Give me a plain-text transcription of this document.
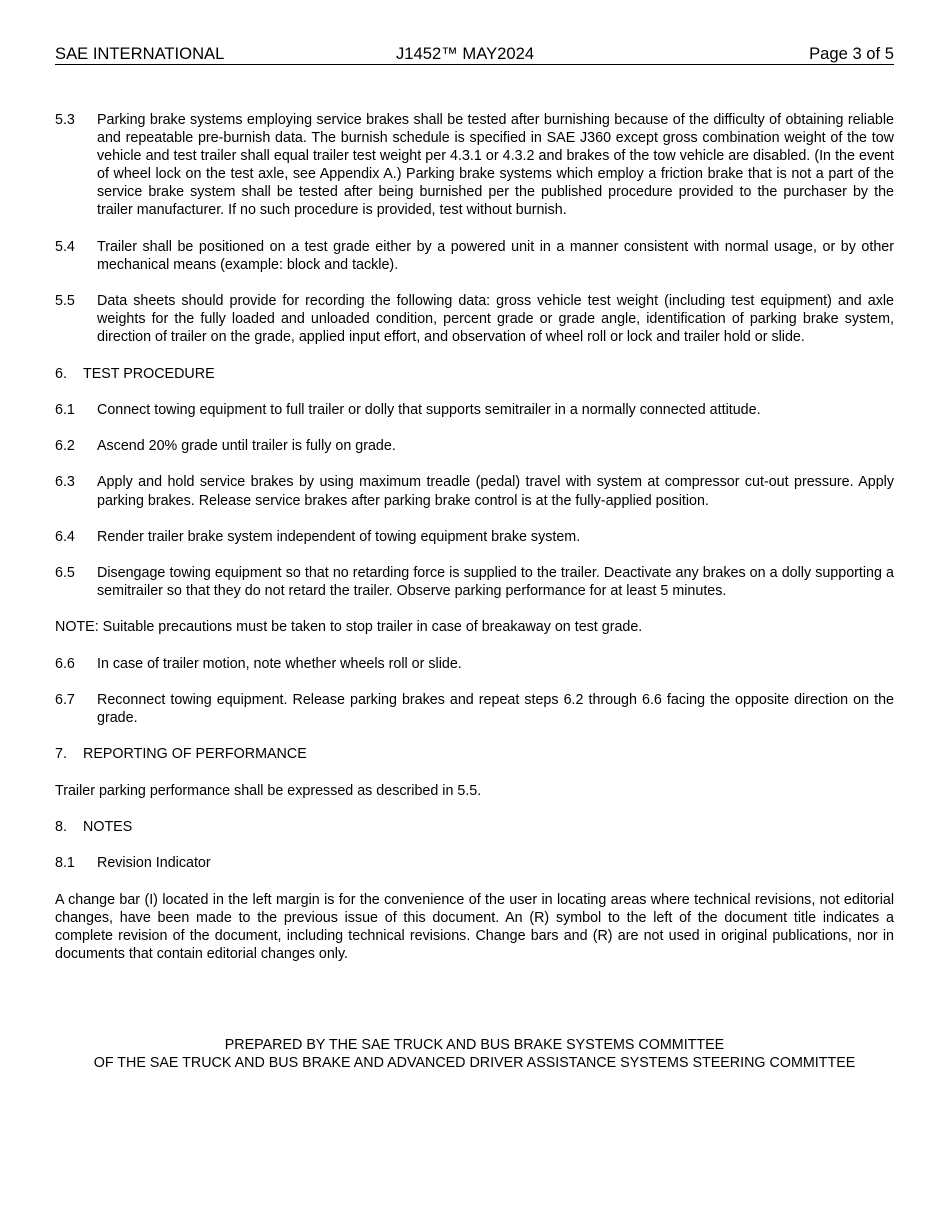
SAE INTERNATIONAL	J1452™ MAY2024	Page 3 of 5
5.3	Parking brake systems employing service brakes shall be tested after burnishing because of the difficulty of obtaining reliable and repeatable pre-burnish data. The burnish schedule is specified in SAE J360 except gross combination weight of the tow vehicle and test trailer shall equal trailer test weight per 4.3.1 or 4.3.2 and brakes of the tow vehicle are disabled. (In the event of wheel lock on the test axle, see Appendix A.) Parking brake systems which employ a friction brake that is not a part of the service brake system shall be tested after being burnished per the published procedure provided to the purchaser by the trailer manufacturer. If no such procedure is provided, test without burnish.
5.4	Trailer shall be positioned on a test grade either by a powered unit in a manner consistent with normal usage, or by other mechanical means (example: block and tackle).
5.5	Data sheets should provide for recording the following data: gross vehicle test weight (including test equipment) and axle weights for the fully loaded and unloaded condition, percent grade or grade angle, identification of parking brake system, direction of trailer on the grade, applied input effort, and observation of wheel roll or lock and trailer hold or slide.
6. TEST PROCEDURE
6.1	Connect towing equipment to full trailer or dolly that supports semitrailer in a normally connected attitude.
6.2	Ascend 20% grade until trailer is fully on grade.
6.3	Apply and hold service brakes by using maximum treadle (pedal) travel with system at compressor cut-out pressure. Apply parking brakes. Release service brakes after parking brake control is at the fully-applied position.
6.4	Render trailer brake system independent of towing equipment brake system.
6.5	Disengage towing equipment so that no retarding force is supplied to the trailer. Deactivate any brakes on a dolly supporting a semitrailer so that they do not retard the trailer. Observe parking performance for at least 5 minutes.
NOTE: Suitable precautions must be taken to stop trailer in case of breakaway on test grade.
6.6	In case of trailer motion, note whether wheels roll or slide.
6.7	Reconnect towing equipment. Release parking brakes and repeat steps 6.2 through 6.6 facing the opposite direction on the grade.
7. REPORTING OF PERFORMANCE
Trailer parking performance shall be expressed as described in 5.5.
8. NOTES
8.1	Revision Indicator
A change bar (I) located in the left margin is for the convenience of the user in locating areas where technical revisions, not editorial changes, have been made to the previous issue of this document. An (R) symbol to the left of the document title indicates a complete revision of the document, including technical revisions. Change bars and (R) are not used in original publications, nor in documents that contain editorial changes only.
PREPARED BY THE SAE TRUCK AND BUS BRAKE SYSTEMS COMMITTEE
OF THE SAE TRUCK AND BUS BRAKE AND ADVANCED DRIVER ASSISTANCE SYSTEMS STEERING COMMITTEE
